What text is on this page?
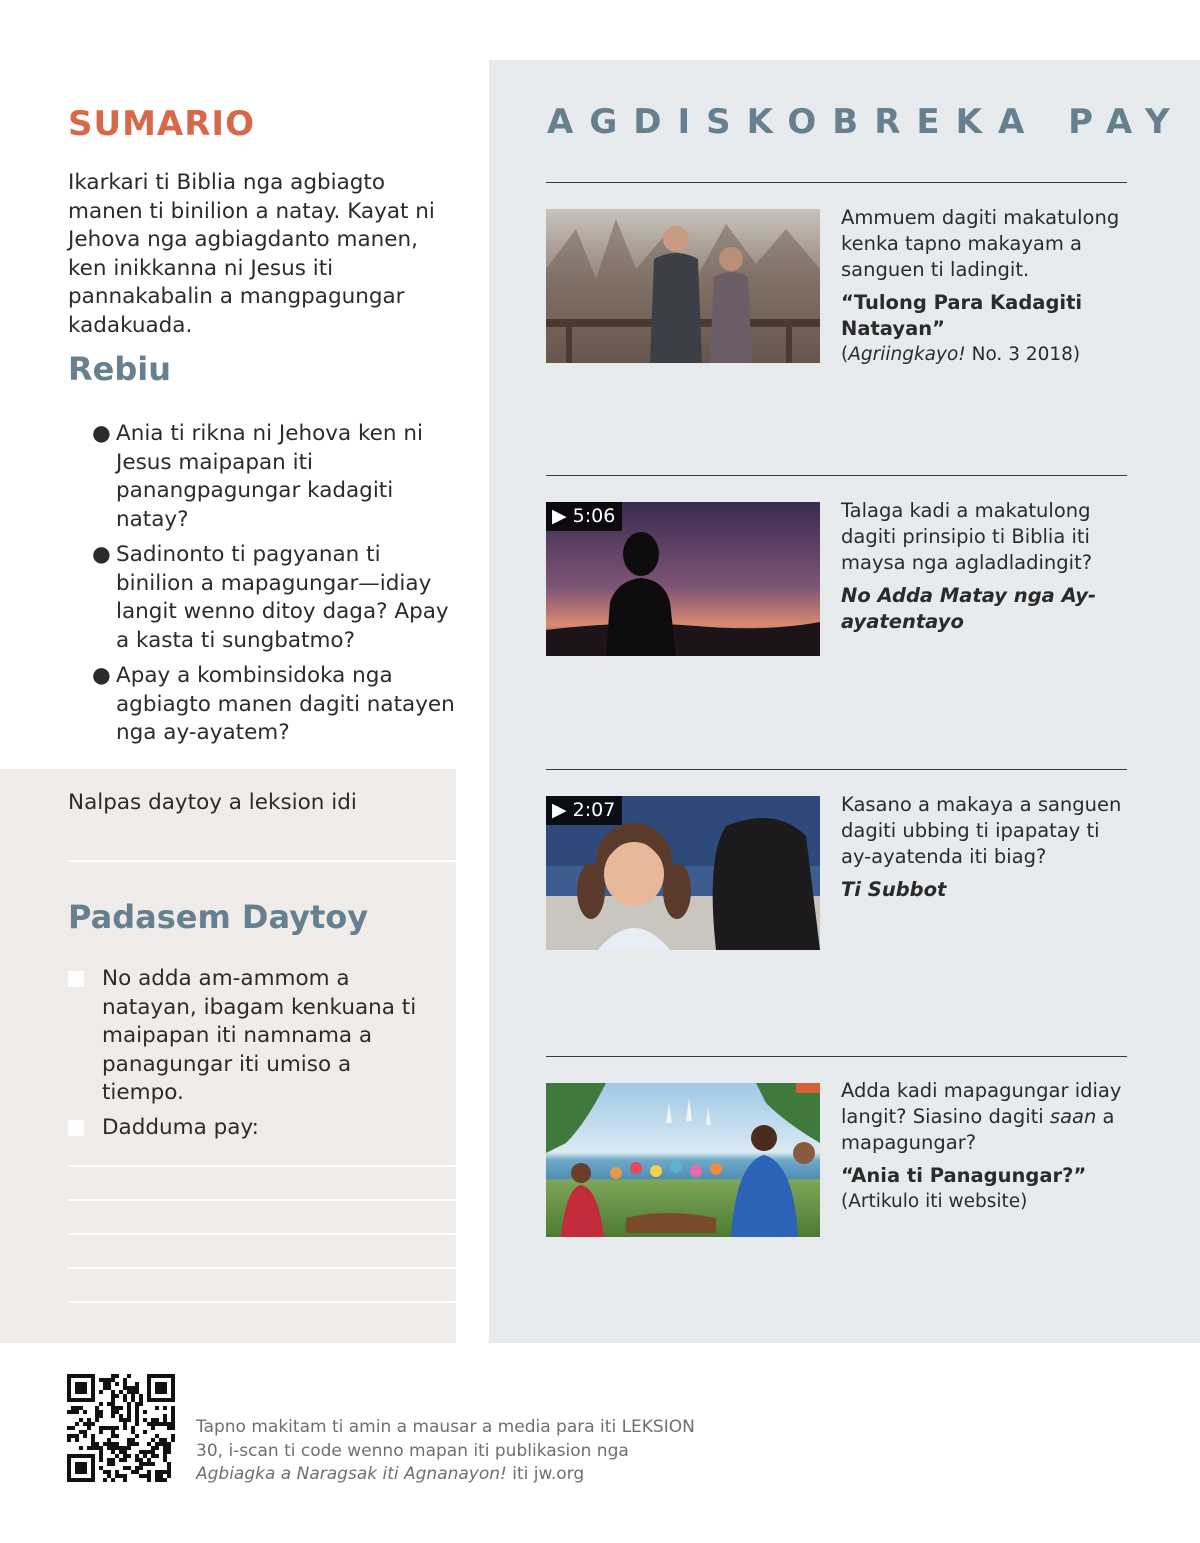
SUMARIO

Ikarkari ti Biblia nga agbiagto manen ti binilion a natay. Kayat ni Jehova nga agbiagdanto manen, ken inikkanna ni Jesus iti pannakabalin a mangpagungar kadakuada.

Rebiu
● Ania ti rikna ni Jehova ken ni Jesus maipapan iti panangpagungar kadagiti natay?
● Sadinonto ti pagyanan ti binilion a mapagungar—idiay langit wenno ditoy daga? Apay a kasta ti sungbatmo?
● Apay a kombinsidoka nga agbiagto manen dagiti natayen nga ay-ayatem?
Nalpas daytoy a leksion idi
Padasem Daytoy
No adda am-ammom a natayan, ibagam kenkuana ti maipapan iti namnama a panagungar iti umiso a tiempo.
Dadduma pay:
AGDISKOBREKA PAY

Ammuem dagiti makatulong kenka tapno makayam a sanguen ti ladingit.

“Tulong Para Kadagiti Natayan”

(Agriingkayo! No. 3 2018)

▶ 5:06	Talaga kadi a makatulong dagiti prinsipio ti Biblia iti maysa nga agladladingit?

No Adda Matay nga Ay-ayatentayo

▶ 2:07	Kasano a makaya a sanguen dagiti ubbing ti ipapatay ti ay-ayatenda iti biag?

Ti Subbot

Adda kadi mapagungar idiay langit? Siasino dagiti saan a mapagungar?

“Ania ti Panagungar?”

(Artikulo iti website)

Tapno makitam ti amin a mausar a media para iti LEKSION 30, i-scan ti code wenno mapan iti publikasion nga Agbiagka a Naragsak iti Agnanayon! iti jw.org
